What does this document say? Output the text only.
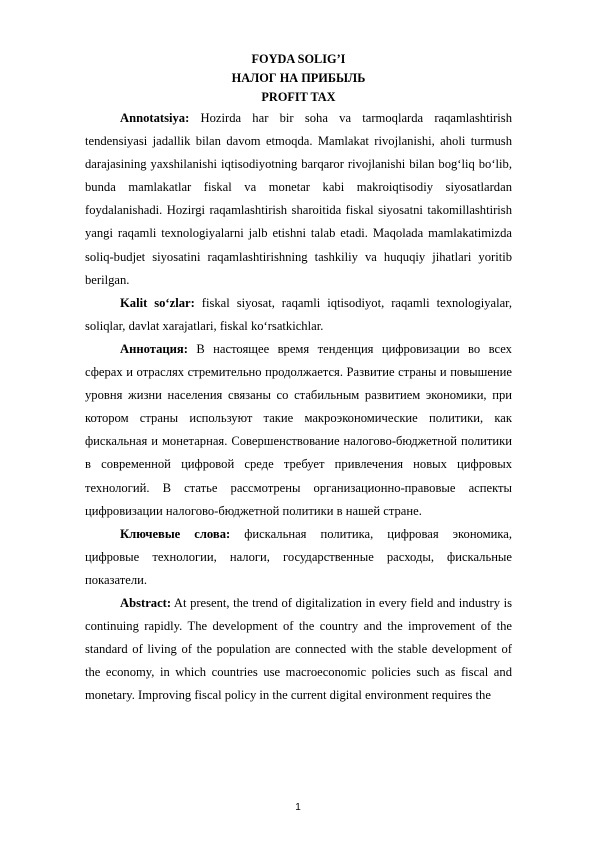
FOYDA SOLIG’I

НАЛОГ НА ПРИБЫЛЬ

PROFIT TAX

Annotatsiya: Hozirda har bir soha va tarmoqlarda raqamlashtirish tendensiyasi jadallik bilan davom etmoqda. Mamlakat rivojlanishi, aholi turmush darajasining yaxshilanishi iqtisodiyotning barqaror rivojlanishi bilan bog‘liq bo‘lib, bunda mamlakatlar fiskal va monetar kabi makroiqtisodiy siyosatlardan foydalanishadi. Hozirgi raqamlashtirish sharoitida fiskal siyosatni takomillashtirish yangi raqamli texnologiyalarni jalb etishni talab etadi. Maqolada mamlakatimizda soliq-budjet siyosatini raqamlashtirishning tashkiliy va huquqiy jihatlari yoritib berilgan.

Kalit so‘zlar: fiskal siyosat, raqamli iqtisodiyot, raqamli texnologiyalar, soliqlar, davlat xarajatlari, fiskal ko‘rsatkichlar.

Аннотация: В настоящее время тенденция цифровизации во всех сферах и отраслях стремительно продолжается. Развитие страны и повышение уровня жизни населения связаны со стабильным развитием экономики, при котором страны используют такие макроэкономические политики, как фискальная и монетарная. Совершенствование налогово-бюджетной политики в современной цифровой среде требует привлечения новых цифровых технологий. В статье рассмотрены организационно-правовые аспекты цифровизации налогово-бюджетной политики в нашей стране.

Ключевые слова: фискальная политика, цифровая экономика, цифровые технологии, налоги, государственные расходы, фискальные показатели.

Abstract: At present, the trend of digitalization in every field and industry is continuing rapidly. The development of the country and the improvement of the standard of living of the population are connected with the stable development of the economy, in which countries use macroeconomic policies such as fiscal and monetary. Improving fiscal policy in the current digital environment requires the

1
